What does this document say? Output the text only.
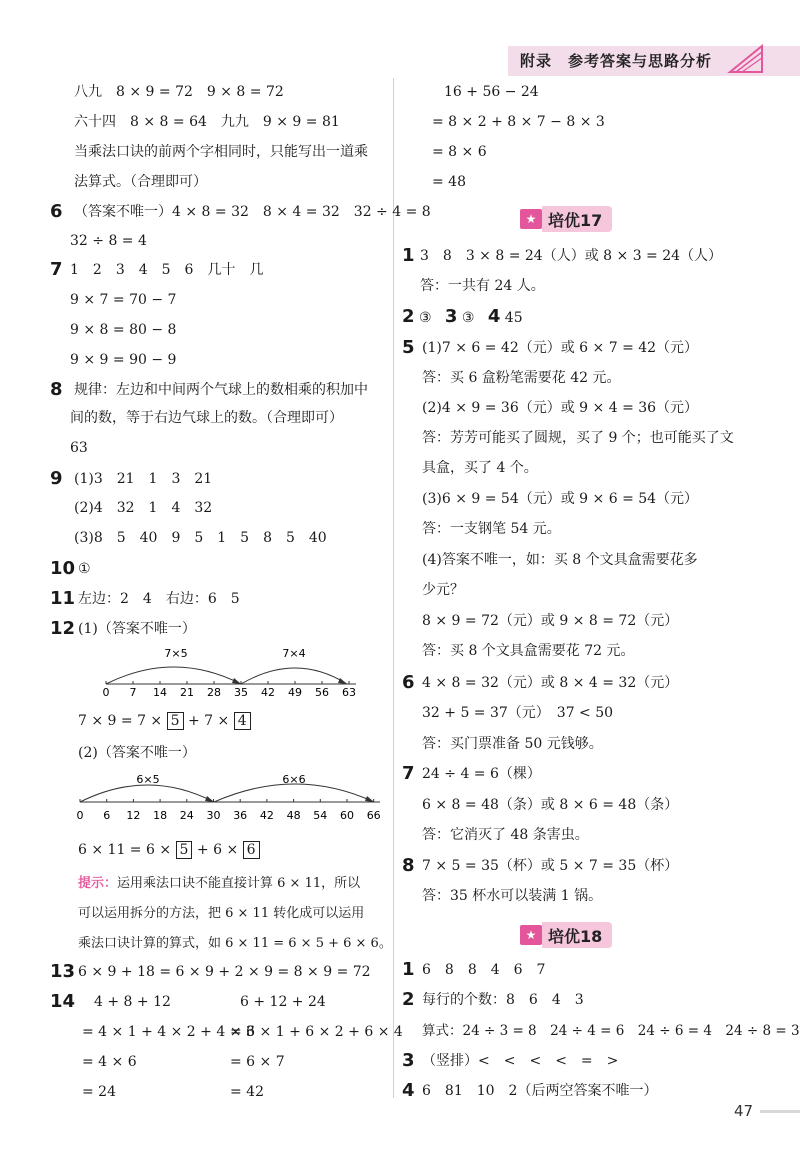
附录　参考答案与思路分析
八九　8 × 9 = 72　9 × 8 = 72
六十四　8 × 8 = 64　九九　9 × 9 = 81
当乘法口诀的前两个字相同时，只能写出一道乘
法算式。（合理即可）
6 （答案不唯一）4 × 8 = 32　8 × 4 = 32　32 ÷ 4 = 8
32 ÷ 8 = 4
7 1　2　3　4　5　6　几十　几
9 × 7 = 70 − 7
9 × 8 = 80 − 8
9 × 9 = 90 − 9
8 规律：左边和中间两个气球上的数相乘的积加中
间的数，等于右边气球上的数。（合理即可）
63
9 (1)3　21　1　3　21
(2)4　32　1　4　32
(3)8　5　40　9　5　1　5　8　5　40
10 ①
11 左边：2　4　右边：6　5
12 (1)（答案不唯一）
7×5	7×4
0 7 14 21 28 35 42 49 56 63
7 × 9 = 7 × 5 + 7 × 4
(2)（答案不唯一）
6×5	6×6
0 6 12 18 24 30 36 42 48 54 60 66
6 × 11 = 6 × 5 + 6 × 6
提示：运用乘法口诀不能直接计算 6 × 11，所以
可以运用拆分的方法，把 6 × 11 转化成可以运用
乘法口诀计算的算式，如 6 × 11 = 6 × 5 + 6 × 6。
13 6 × 9 + 18 = 6 × 9 + 2 × 9 = 8 × 9 = 72
14 4 + 8 + 12
= 4 × 1 + 4 × 2 + 4 × 3
= 4 × 6
= 24
6 + 12 + 24
= 6 × 1 + 6 × 2 + 6 × 4
= 6 × 7
= 42
16 + 56 − 24
= 8 × 2 + 8 × 7 − 8 × 3
= 8 × 6
= 48
★ 培优17
1 3　8　3 × 8 = 24（人）或 8 × 3 = 24（人）
答：一共有 24 人。
2 ③ 3 ③ 4 45
5 (1)7 × 6 = 42（元）或 6 × 7 = 42（元）
答：买 6 盒粉笔需要花 42 元。
(2)4 × 9 = 36（元）或 9 × 4 = 36（元）
答：芳芳可能买了圆规，买了 9 个；也可能买了文
具盒，买了 4 个。
(3)6 × 9 = 54（元）或 9 × 6 = 54（元）
答：一支钢笔 54 元。
(4)答案不唯一，如：买 8 个文具盒需要花多
少元？
8 × 9 = 72（元）或 9 × 8 = 72（元）
答：买 8 个文具盒需要花 72 元。
6 4 × 8 = 32（元）或 8 × 4 = 32（元）
32 + 5 = 37（元）　37 < 50
答：买门票准备 50 元钱够。
7 24 ÷ 4 = 6（棵）
6 × 8 = 48（条）或 8 × 6 = 48（条）
答：它消灭了 48 条害虫。
8 7 × 5 = 35（杯）或 5 × 7 = 35（杯）
答：35 杯水可以装满 1 锅。
★ 培优18
1 6　8　8　4　6　7
2 每行的个数：8　6　4　3
算式：24 ÷ 3 = 8　24 ÷ 4 = 6　24 ÷ 6 = 4　24 ÷ 8 = 3
3 （竖排）<　<　<　<　=　>
4 6　81　10　2（后两空答案不唯一）
47
